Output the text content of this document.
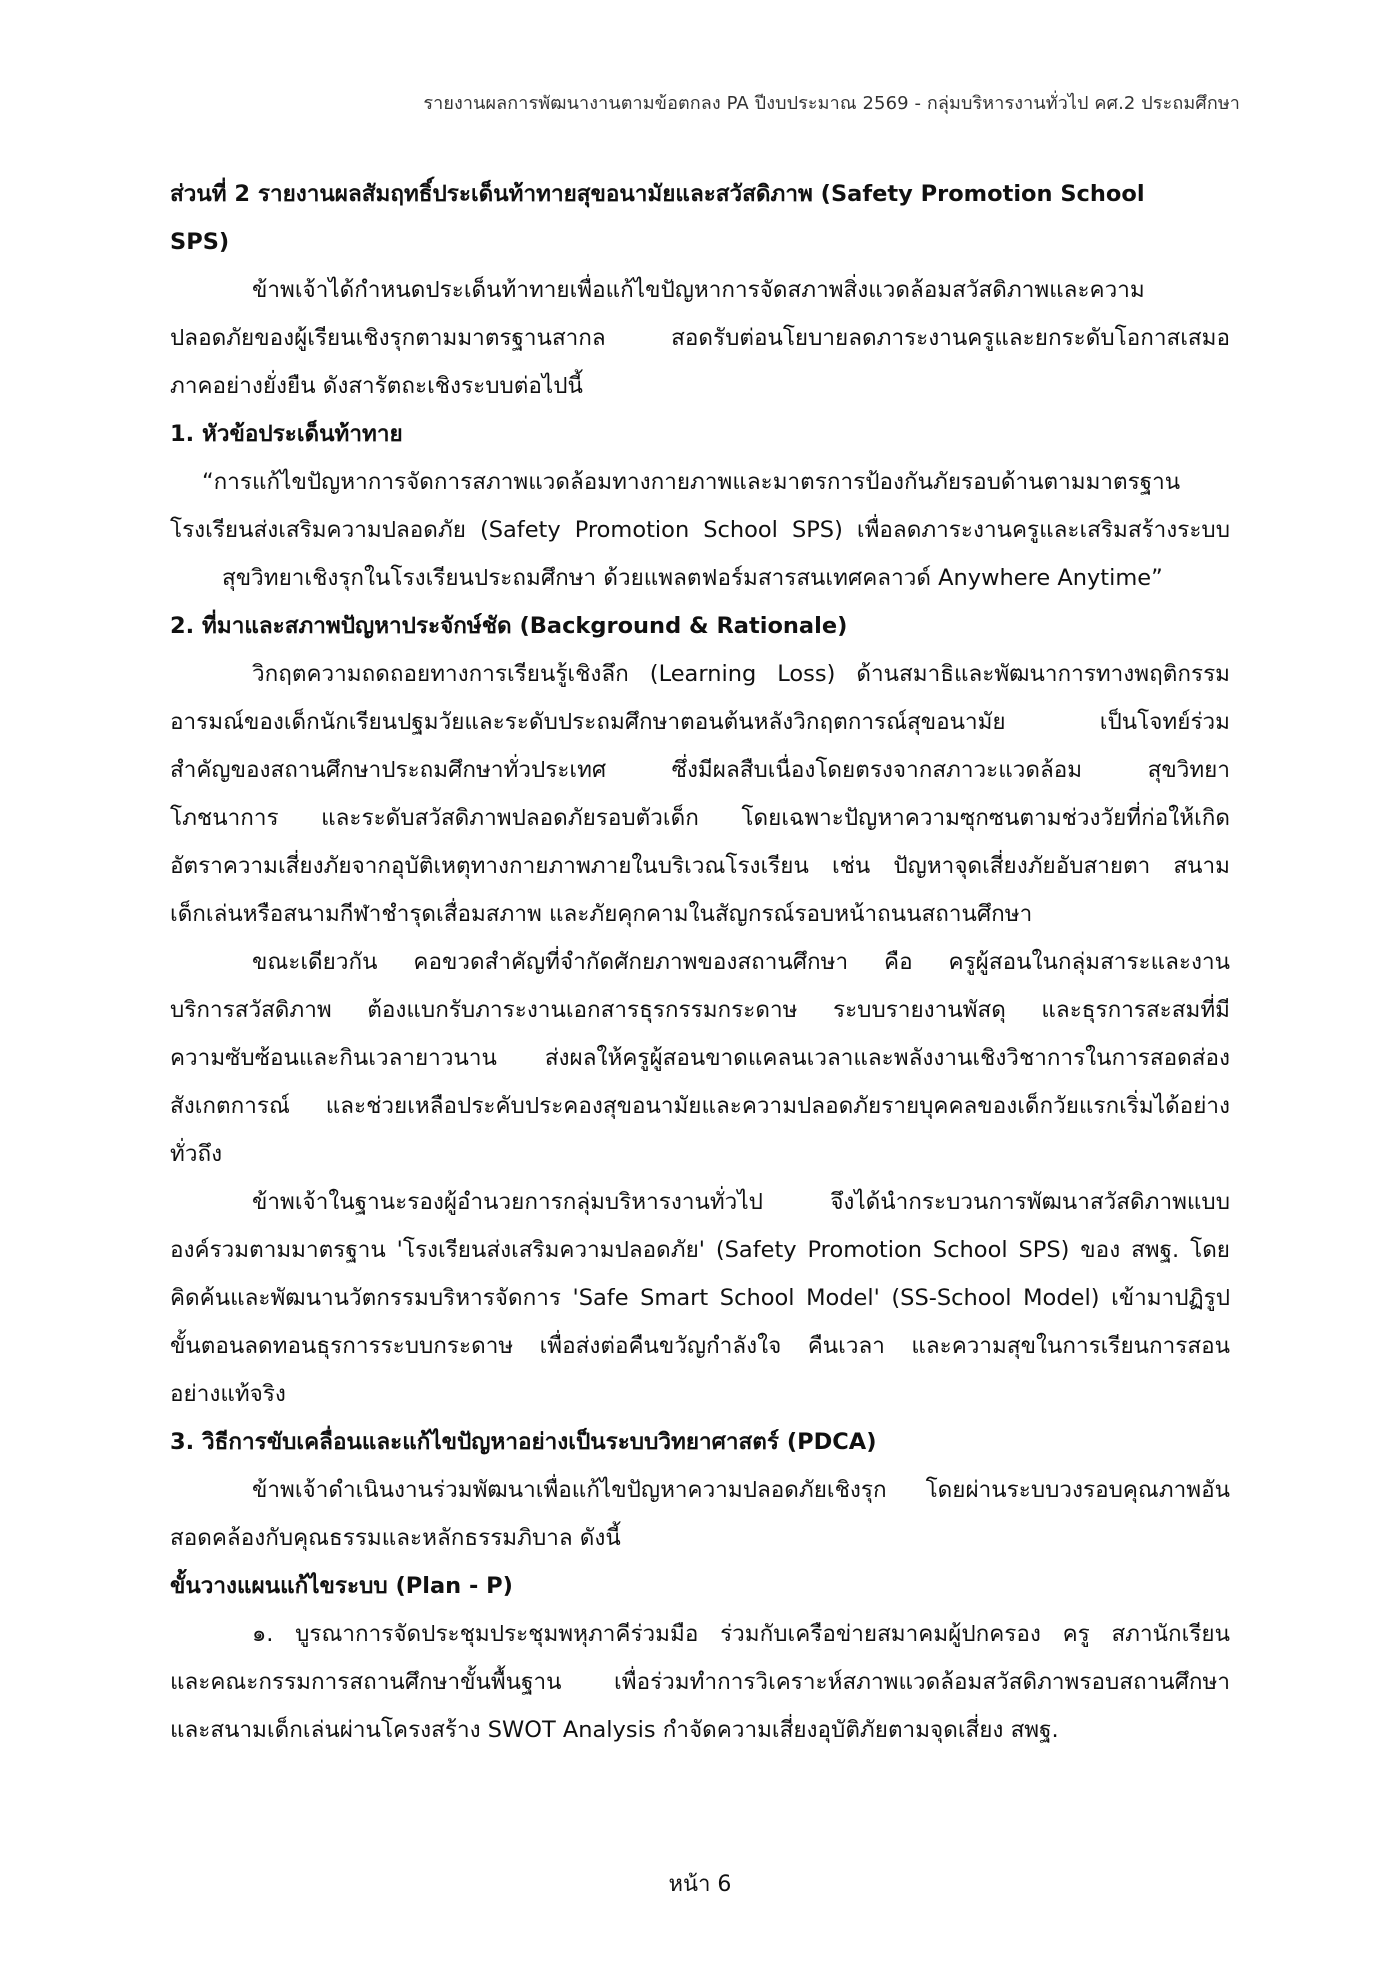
รายงานผลการพัฒนางานตามข้อตกลง PA ปีงบประมาณ 2569 - กลุ่มบริหารงานทั่วไป คศ.2 ประถมศึกษา
ส่วนที่ 2 รายงานผลสัมฤทธิ์ประเด็นท้าทายสุขอนามัยและสวัสดิภาพ (Safety Promotion School
SPS)
ข้าพเจ้าได้กำหนดประเด็นท้าทายเพื่อแก้ไขปัญหาการจัดสภาพสิ่งแวดล้อมสวัสดิภาพและความ
ปลอดภัยของผู้เรียนเชิงรุกตามมาตรฐานสากล สอดรับต่อนโยบายลดภาระงานครูและยกระดับโอกาสเสมอ
ภาคอย่างยั่งยืน ดังสารัตถะเชิงระบบต่อไปนี้
1. หัวข้อประเด็นท้าทาย
“การแก้ไขปัญหาการจัดการสภาพแวดล้อมทางกายภาพและมาตรการป้องกันภัยรอบด้านตามมาตรฐาน
โรงเรียนส่งเสริมความปลอดภัย (Safety Promotion School SPS) เพื่อลดภาระงานครูและเสริมสร้างระบบ
สุขวิทยาเชิงรุกในโรงเรียนประถมศึกษา ด้วยแพลตฟอร์มสารสนเทศคลาวด์ Anywhere Anytime”
2. ที่มาและสภาพปัญหาประจักษ์ชัด (Background & Rationale)
วิกฤตความถดถอยทางการเรียนรู้เชิงลึก (Learning Loss) ด้านสมาธิและพัฒนาการทางพฤติกรรม
อารมณ์ของเด็กนักเรียนปฐมวัยและระดับประถมศึกษาตอนต้นหลังวิกฤตการณ์สุขอนามัย เป็นโจทย์ร่วม
สำคัญของสถานศึกษาประถมศึกษาทั่วประเทศ ซึ่งมีผลสืบเนื่องโดยตรงจากสภาวะแวดล้อม สุขวิทยา
โภชนาการ และระดับสวัสดิภาพปลอดภัยรอบตัวเด็ก โดยเฉพาะปัญหาความซุกซนตามช่วงวัยที่ก่อให้เกิด
อัตราความเสี่ยงภัยจากอุบัติเหตุทางกายภาพภายในบริเวณโรงเรียน เช่น ปัญหาจุดเสี่ยงภัยอับสายตา สนาม
เด็กเล่นหรือสนามกีฬาชำรุดเสื่อมสภาพ และภัยคุกคามในสัญกรณ์รอบหน้าถนนสถานศึกษา
ขณะเดียวกัน คอขวดสำคัญที่จำกัดศักยภาพของสถานศึกษา คือ ครูผู้สอนในกลุ่มสาระและงาน
บริการสวัสดิภาพ ต้องแบกรับภาระงานเอกสารธุรกรรมกระดาษ ระบบรายงานพัสดุ และธุรการสะสมที่มี
ความซับซ้อนและกินเวลายาวนาน ส่งผลให้ครูผู้สอนขาดแคลนเวลาและพลังงานเชิงวิชาการในการสอดส่อง
สังเกตการณ์ และช่วยเหลือประคับประคองสุขอนามัยและความปลอดภัยรายบุคคลของเด็กวัยแรกเริ่มได้อย่าง
ทั่วถึง
ข้าพเจ้าในฐานะรองผู้อำนวยการกลุ่มบริหารงานทั่วไป จึงได้นำกระบวนการพัฒนาสวัสดิภาพแบบ
องค์รวมตามมาตรฐาน 'โรงเรียนส่งเสริมความปลอดภัย' (Safety Promotion School SPS) ของ สพฐ. โดย
คิดค้นและพัฒนานวัตกรรมบริหารจัดการ 'Safe Smart School Model' (SS-School Model) เข้ามาปฏิรูป
ขั้นตอนลดทอนธุรการระบบกระดาษ เพื่อส่งต่อคืนขวัญกำลังใจ คืนเวลา และความสุขในการเรียนการสอน
อย่างแท้จริง
3. วิธีการขับเคลื่อนและแก้ไขปัญหาอย่างเป็นระบบวิทยาศาสตร์ (PDCA)
ข้าพเจ้าดำเนินงานร่วมพัฒนาเพื่อแก้ไขปัญหาความปลอดภัยเชิงรุก โดยผ่านระบบวงรอบคุณภาพอัน
สอดคล้องกับคุณธรรมและหลักธรรมภิบาล ดังนี้
ขั้นวางแผนแก้ไขระบบ (Plan - P)
๑. บูรณาการจัดประชุมประชุมพหุภาคีร่วมมือ ร่วมกับเครือข่ายสมาคมผู้ปกครอง ครู สภานักเรียน
และคณะกรรมการสถานศึกษาขั้นพื้นฐาน เพื่อร่วมทำการวิเคราะห์สภาพแวดล้อมสวัสดิภาพรอบสถานศึกษา
และสนามเด็กเล่นผ่านโครงสร้าง SWOT Analysis กำจัดความเสี่ยงอุบัติภัยตามจุดเสี่ยง สพฐ.
หน้า 6
